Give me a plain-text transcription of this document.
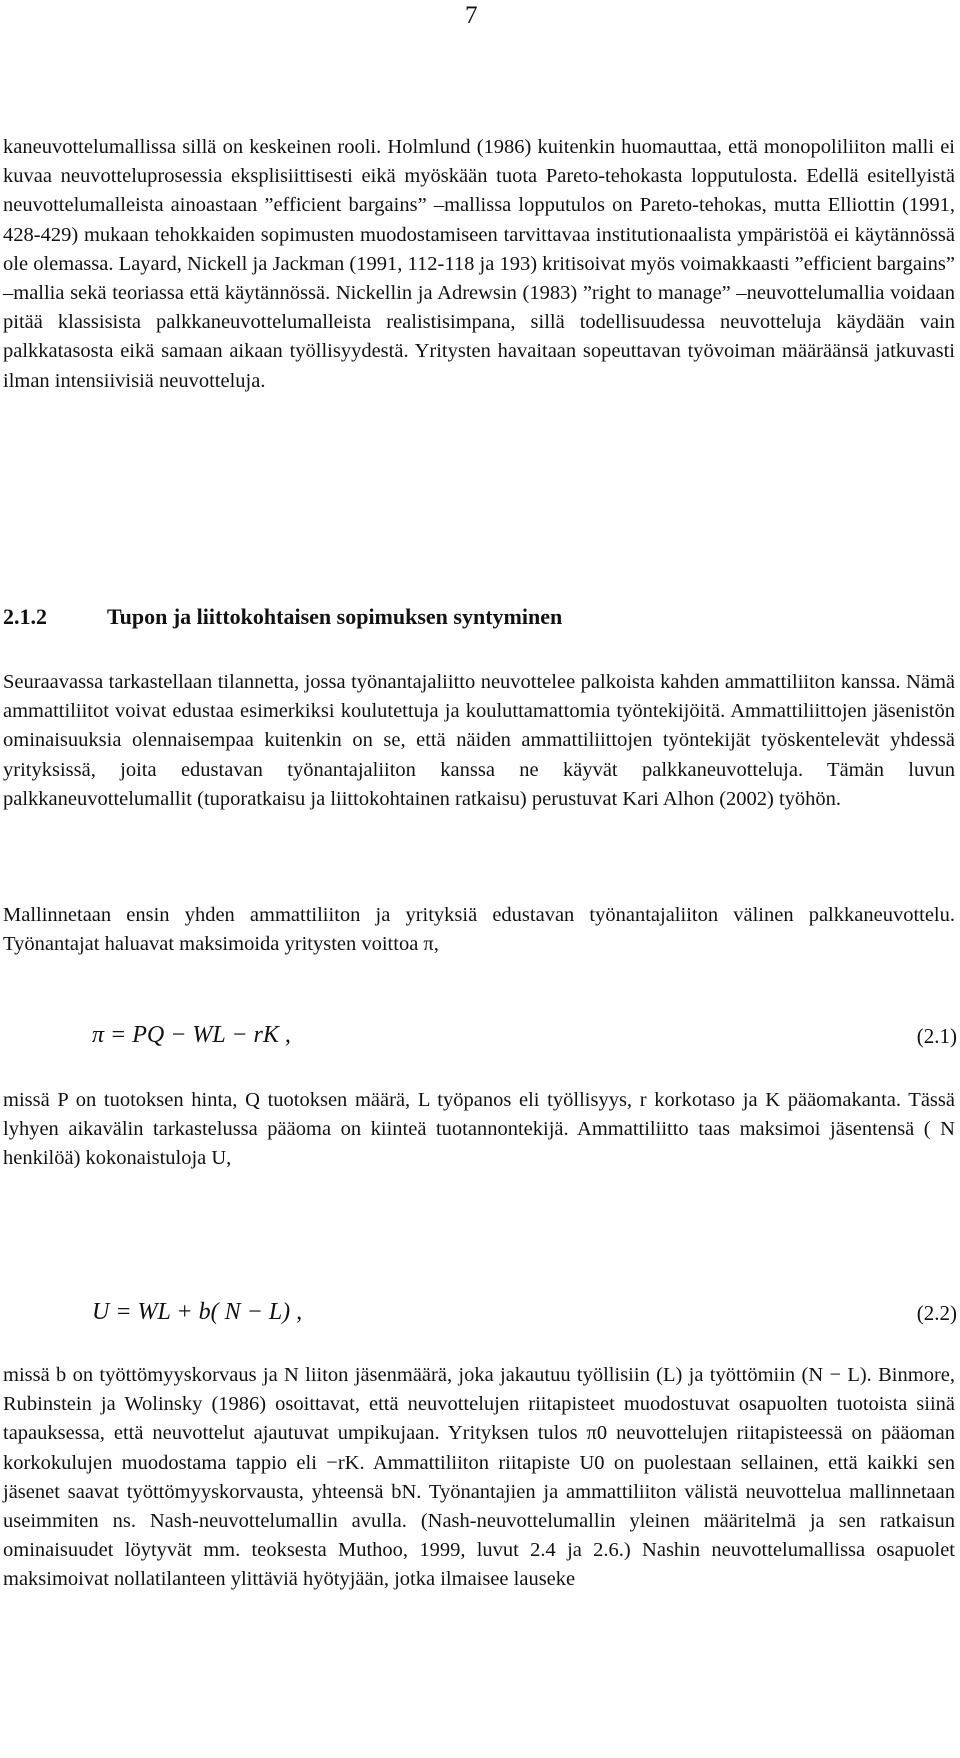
7

kaneuvottelumallissa sillä on keskeinen rooli. Holmlund (1986) kuitenkin huomauttaa, että monopoliliiton malli ei kuvaa neuvotteluprosessia eksplisiittisesti eikä myöskään tuota Pareto-tehokasta lopputulosta. Edellä esitellyistä neuvottelumalleista ainoastaan ”efficient bargains” –mallissa lopputulos on Pareto-tehokas, mutta Elliottin (1991, 428-429) mukaan tehokkaiden sopimusten muodostamiseen tarvittavaa institutionaalista ympäristöä ei käytännössä ole olemassa. Layard, Nickell ja Jackman (1991, 112-118 ja 193) kritisoivat myös voimakkaasti ”efficient bargains” –mallia sekä teoriassa että käytännössä. Nickellin ja Adrewsin (1983) ”right to manage” –neuvottelumallia voidaan pitää klassisista palkkaneuvottelumalleista realistisimpana, sillä todellisuudessa neuvotteluja käydään vain palkkatasosta eikä samaan aikaan työllisyydestä. Yritysten havaitaan sopeuttavan työvoiman määräänsä jatkuvasti ilman intensiivisiä neuvotteluja.

2.1.2	Tupon ja liittokohtaisen sopimuksen syntyminen

Seuraavassa tarkastellaan tilannetta, jossa työnantajaliitto neuvottelee palkoista kahden ammattiliiton kanssa. Nämä ammattiliitot voivat edustaa esimerkiksi koulutettuja ja kouluttamattomia työntekijöitä. Ammattiliittojen jäsenistön ominaisuuksia olennaisempaa kuitenkin on se, että näiden ammattiliittojen työntekijät työskentelevät yhdessä yrityksissä, joita edustavan työnantajaliiton kanssa ne käyvät palkkaneuvotteluja. Tämän luvun palkkaneuvottelumallit (tuporatkaisu ja liittokohtainen ratkaisu) perustuvat Kari Alhon (2002) työhön.

Mallinnetaan ensin yhden ammattiliiton ja yrityksiä edustavan työnantajaliiton välinen palkkaneuvottelu. Työnantajat haluavat maksimoida yritysten voittoa π,

π = PQ − WL − rK ,	(2.1)

missä P on tuotoksen hinta, Q tuotoksen määrä, L työpanos eli työllisyys, r korkotaso ja K pääomakanta. Tässä lyhyen aikavälin tarkastelussa pääoma on kiinteä tuotannontekijä. Ammattiliitto taas maksimoi jäsentensä ( N henkilöä) kokonaistuloja U,

U = WL + b( N − L) ,	(2.2)

missä b on työttömyyskorvaus ja N liiton jäsenmäärä, joka jakautuu työllisiin (L) ja työttömiin (N − L). Binmore, Rubinstein ja Wolinsky (1986) osoittavat, että neuvottelujen riitapisteet muodostuvat osapuolten tuotoista siinä tapauksessa, että neuvottelut ajautuvat umpikujaan. Yrityksen tulos π0 neuvottelujen riitapisteessä on pääoman korkokulujen muodostama tappio eli −rK. Ammattiliiton riitapiste U0 on puolestaan sellainen, että kaikki sen jäsenet saavat työttömyyskorvausta, yhteensä bN. Työnantajien ja ammattiliiton välistä neuvottelua mallinnetaan useimmiten ns. Nash-neuvottelumallin avulla. (Nash-neuvottelumallin yleinen määritelmä ja sen ratkaisun ominaisuudet löytyvät mm. teoksesta Muthoo, 1999, luvut 2.4 ja 2.6.) Nashin neuvottelumallissa osapuolet maksimoivat nollatilanteen ylittäviä hyötyjään, jotka ilmaisee lauseke
